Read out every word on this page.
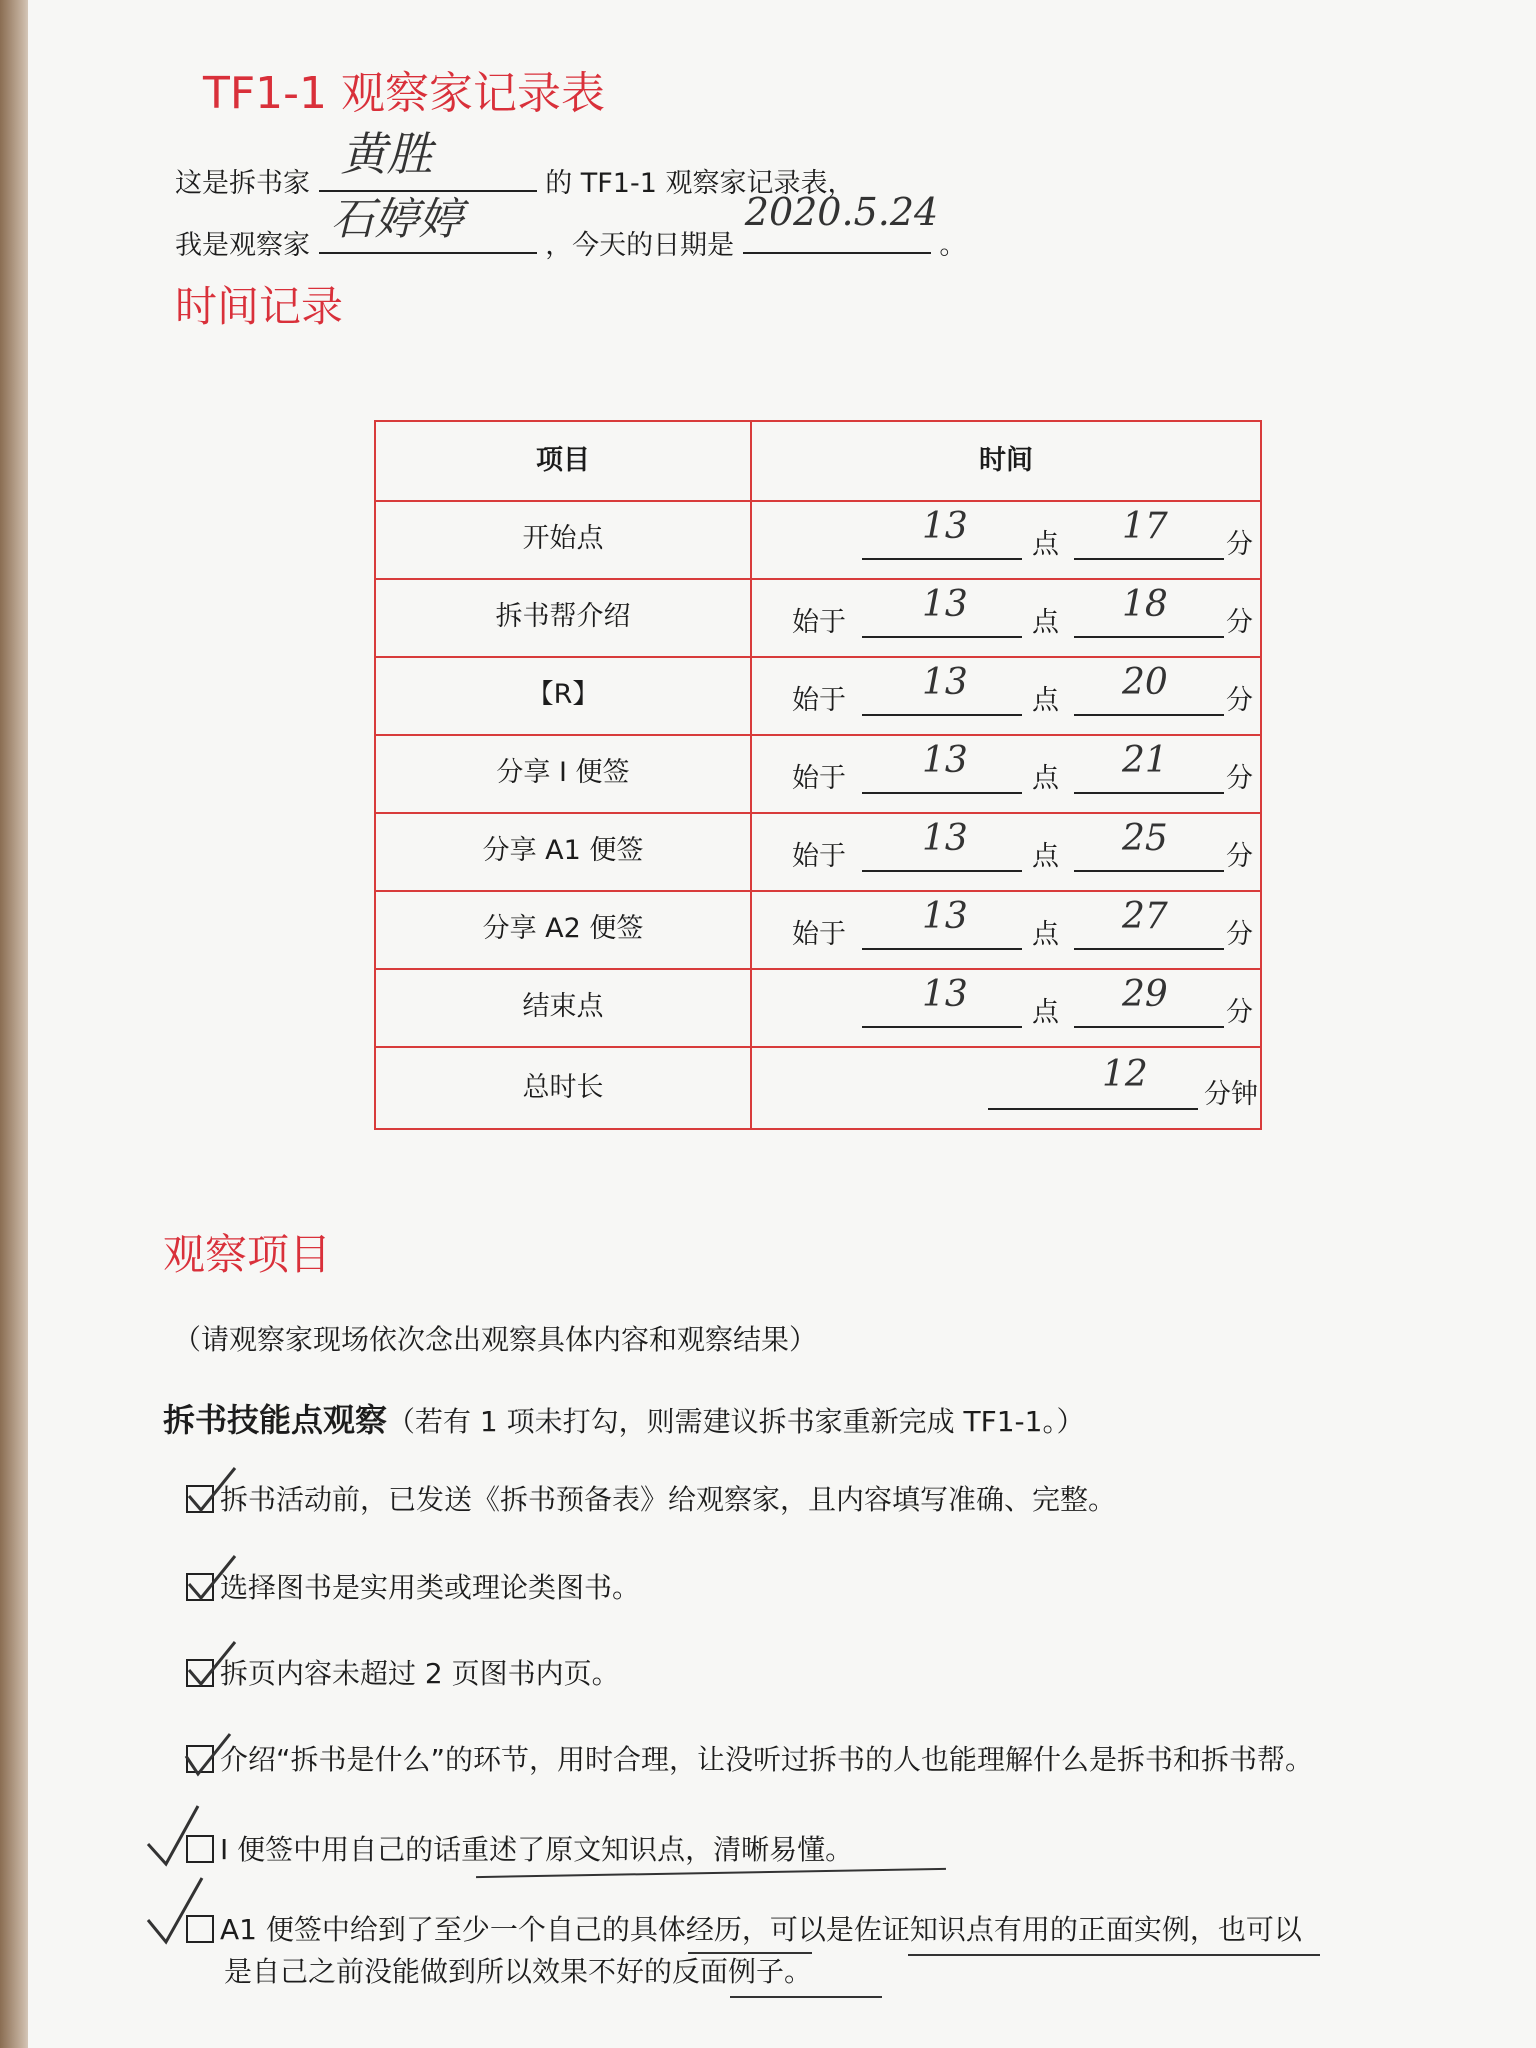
TF1-1 观察家记录表
这是拆书家
黄胜
的 TF1-1 观察家记录表，
我是观察家
石婷婷
，今天的日期是
2020.5.24
。
时间记录
项目	时间
开始点	13 点 17 分
拆书帮介绍	始于 13 点 18 分
【R】	始于 13 点 20 分
分享 I 便签	始于 13 点 21 分
分享 A1 便签	始于 13 点 25 分
分享 A2 便签	始于 13 点 27 分
结束点	13 点 29 分
总时长	12 分钟
观察项目
（请观察家现场依次念出观察具体内容和观察结果）
拆书技能点观察（若有 1 项未打勾，则需建议拆书家重新完成 TF1-1。）
拆书活动前，已发送《拆书预备表》给观察家，且内容填写准确、完整。
选择图书是实用类或理论类图书。
拆页内容未超过 2 页图书内页。
介绍“拆书是什么”的环节，用时合理，让没听过拆书的人也能理解什么是拆书和拆书帮。
I 便签中用自己的话重述了原文知识点，清晰易懂。
A1 便签中给到了至少一个自己的具体经历，可以是佐证知识点有用的正面实例，也可以
是自己之前没能做到所以效果不好的反面例子。
